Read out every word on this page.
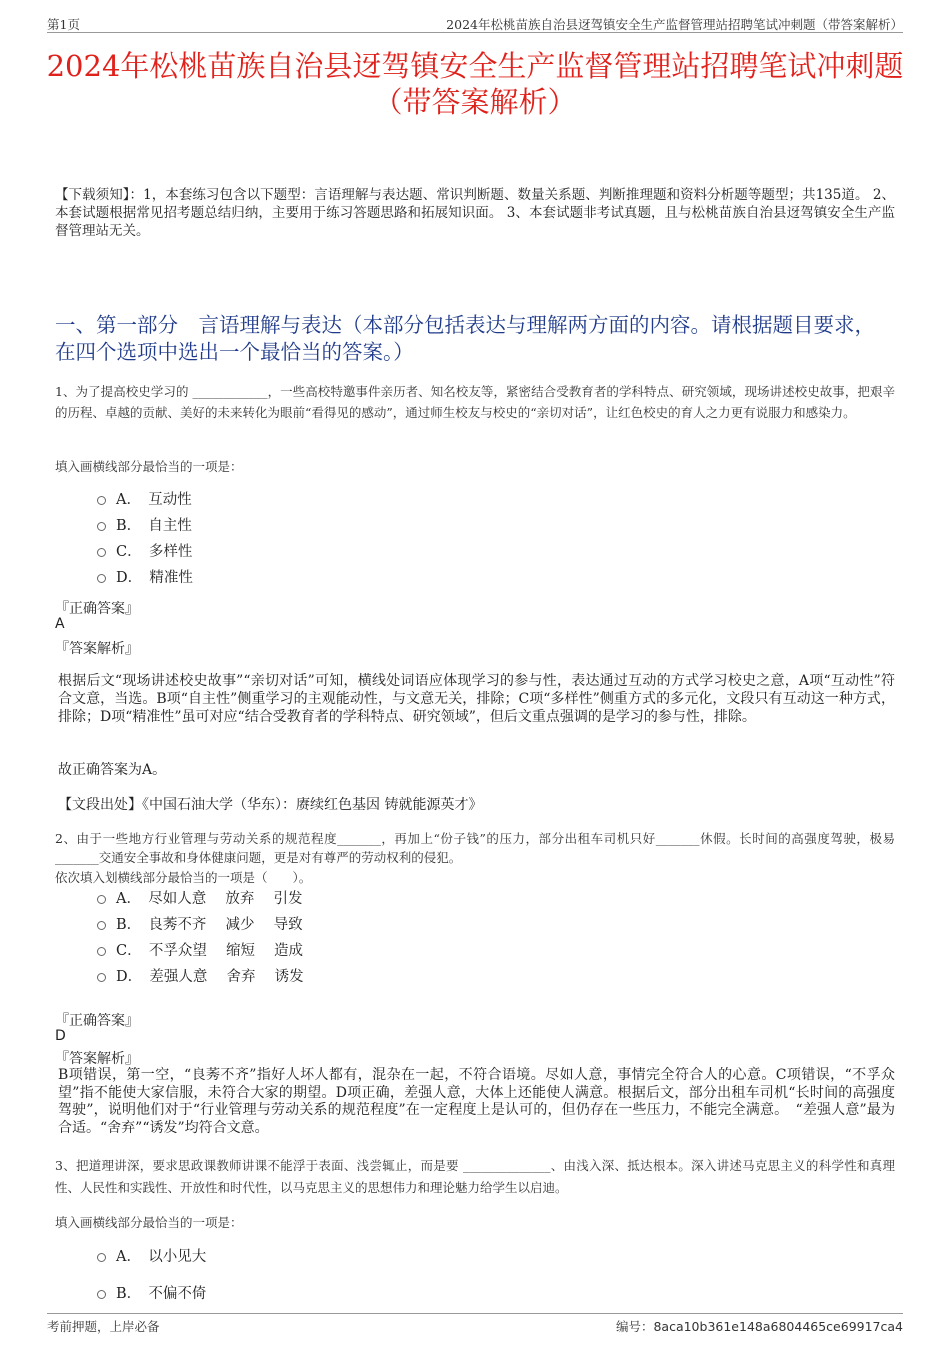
第1页	2024年松桃苗族自治县迓驾镇安全生产监督管理站招聘笔试冲刺题（带答案解析）
2024年松桃苗族自治县迓驾镇安全生产监督管理站招聘笔试冲刺题（带答案解析）
【下载须知】：1，本套练习包含以下题型：言语理解与表达题、常识判断题、数量关系题、判断推理题和资料分析题等题型；共135道。 2、本套试题根据常见招考题总结归纳，主要用于练习答题思路和拓展知识面。 3、本套试题非考试真题，且与松桃苗族自治县迓驾镇安全生产监督管理站无关。
一、第一部分　言语理解与表达（本部分包括表达与理解两方面的内容。请根据题目要求，在四个选项中选出一个最恰当的答案。）
1、为了提高校史学习的 ____________，一些高校特邀事件亲历者、知名校友等，紧密结合受教育者的学科特点、研究领域，现场讲述校史故事，把艰辛的历程、卓越的贡献、美好的未来转化为眼前“看得见的感动”，通过师生校友与校史的“亲切对话”，让红色校史的育人之力更有说服力和感染力。
填入画横线部分最恰当的一项是：
A．　互动性
B．　自主性
C．　多样性
D．　精准性
『正确答案』
A
『答案解析』
根据后文“现场讲述校史故事”“亲切对话”可知，横线处词语应体现学习的参与性，表达通过互动的方式学习校史之意，A项“互动性”符合文意，当选。B项“自主性”侧重学习的主观能动性，与文意无关，排除；C项“多样性”侧重方式的多元化，文段只有互动这一种方式，排除；D项“精准性”虽可对应“结合受教育者的学科特点、研究领域”，但后文重点强调的是学习的参与性，排除。
故正确答案为A。
【文段出处】《中国石油大学（华东）：赓续红色基因 铸就能源英才》
2、由于一些地方行业管理与劳动关系的规范程度_______，再加上“份子钱”的压力，部分出租车司机只好_______休假。长时间的高强度驾驶，极易_______交通安全事故和身体健康问题，更是对有尊严的劳动权利的侵犯。
依次填入划横线部分最恰当的一项是（　　）。
A．　尽如人意　 放弃　 引发
B．　良莠不齐　 减少　 导致
C．　不孚众望　 缩短　 造成
D．　差强人意　 舍弃　 诱发
『正确答案』
D
『答案解析』
B项错误，第一空，“良莠不齐”指好人坏人都有，混杂在一起，不符合语境。尽如人意，事情完全符合人的心意。C项错误，“不孚众望”指不能使大家信服，未符合大家的期望。D项正确，差强人意，大体上还能使人满意。根据后文，部分出租车司机“长时间的高强度驾驶”，说明他们对于“行业管理与劳动关系的规范程度”在一定程度上是认可的，但仍存在一些压力，不能完全满意。　“差强人意”最为合适。“舍弃”“诱发”均符合文意。
3、把道理讲深，要求思政课教师讲课不能浮于表面、浅尝辄止，而是要 ______________、由浅入深、抵达根本。深入讲述马克思主义的科学性和真理性、人民性和实践性、开放性和时代性，以马克思主义的思想伟力和理论魅力给学生以启迪。
填入画横线部分最恰当的一项是：
A．　以小见大
B．　不偏不倚
考前押题，上岸必备	编号：8aca10b361e148a6804465ce69917ca4
